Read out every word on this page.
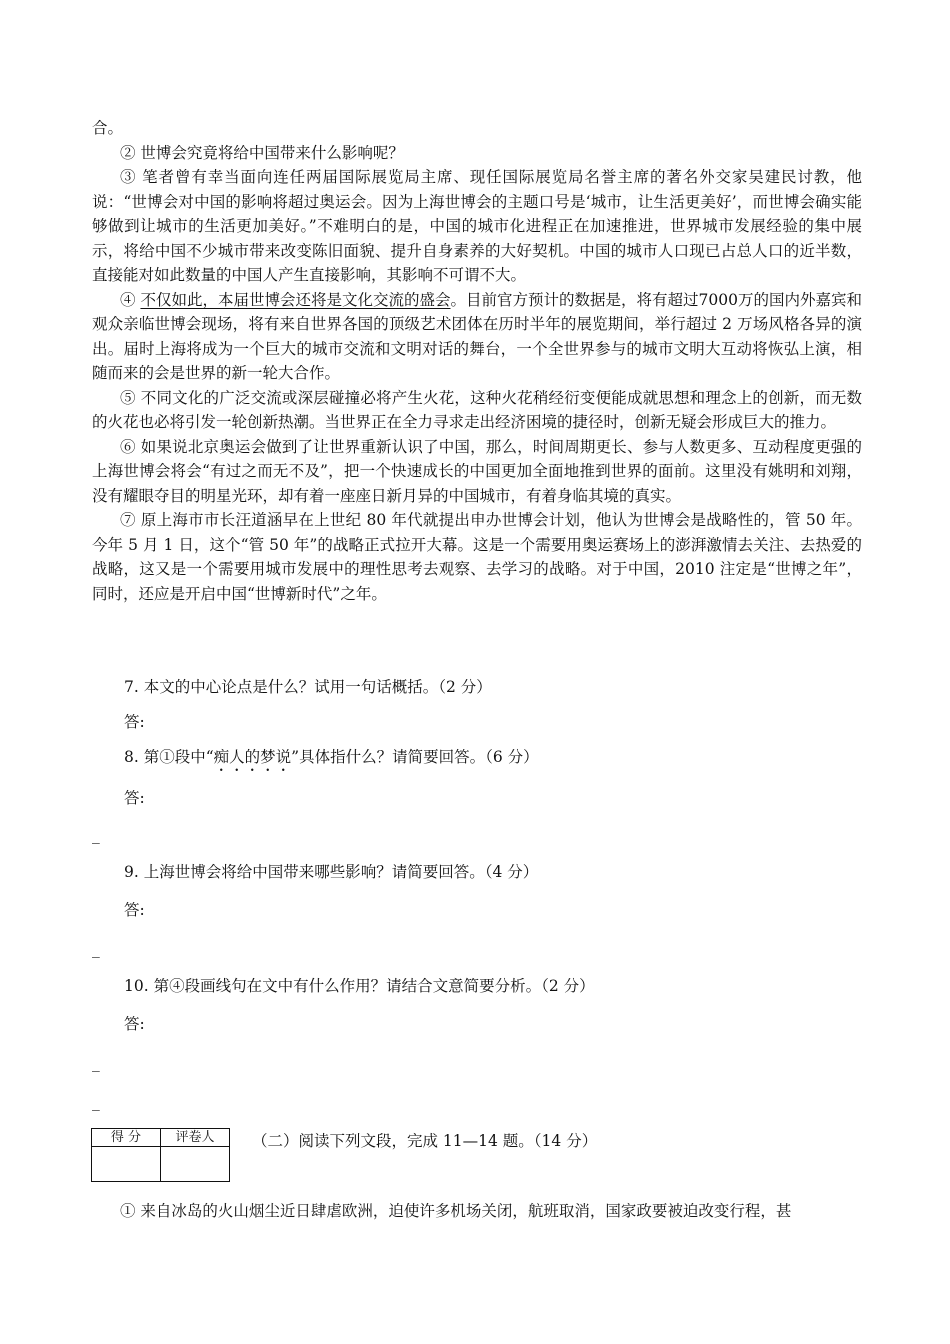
合。

② 世博会究竟将给中国带来什么影响呢？

③ 笔者曾有幸当面向连任两届国际展览局主席、现任国际展览局名誉主席的著名外交家吴建民讨教，他说：“世博会对中国的影响将超过奥运会。因为上海世博会的主题口号是‘城市，让生活更美好’，而世博会确实能够做到让城市的生活更加美好。”不难明白的是，中国的城市化进程正在加速推进，世界城市发展经验的集中展示，将给中国不少城市带来改变陈旧面貌、提升自身素养的大好契机。中国的城市人口现已占总人口的近半数，直接能对如此数量的中国人产生直接影响，其影响不可谓不大。

④ 不仅如此，本届世博会还将是文化交流的盛会。目前官方预计的数据是，将有超过7000万的国内外嘉宾和观众亲临世博会现场，将有来自世界各国的顶级艺术团体在历时半年的展览期间，举行超过 2 万场风格各异的演出。届时上海将成为一个巨大的城市交流和文明对话的舞台，一个全世界参与的城市文明大互动将恢弘上演，相随而来的会是世界的新一轮大合作。

⑤ 不同文化的广泛交流或深层碰撞必将产生火花，这种火花稍经衍变便能成就思想和理念上的创新，而无数的火花也必将引发一轮创新热潮。当世界正在全力寻求走出经济困境的捷径时，创新无疑会形成巨大的推力。

⑥ 如果说北京奥运会做到了让世界重新认识了中国，那么，时间周期更长、参与人数更多、互动程度更强的上海世博会将会“有过之而无不及”，把一个快速成长的中国更加全面地推到世界的面前。这里没有姚明和刘翔，没有耀眼夺目的明星光环，却有着一座座日新月异的中国城市，有着身临其境的真实。

⑦ 原上海市市长汪道涵早在上世纪 80 年代就提出申办世博会计划，他认为世博会是战略性的，管 50 年。 今年 5 月 1 日，这个“管 50 年”的战略正式拉开大幕。这是一个需要用奥运赛场上的澎湃激情去关注、去热爱的战略，这又是一个需要用城市发展中的理性思考去观察、去学习的战略。对于中国，2010 注定是“世博之年”，同时，还应是开启中国“世博新时代”之年。

7. 本文的中心论点是什么？试用一句话概括。（2 分）
答:
8. 第①段中“痴人的梦说”具体指什么？请简要回答。（6 分）
答:
_
9. 上海世博会将给中国带来哪些影响？请简要回答。（4 分）
答:
_
10. 第④段画线句在文中有什么作用？请结合文意简要分析。（2 分）
答:
_
_
得 分	评卷人
	（二）阅读下列文段，完成 11—14 题。（14 分）

① 来自冰岛的火山烟尘近日肆虐欧洲，迫使许多机场关闭，航班取消，国家政要被迫改变行程，甚
